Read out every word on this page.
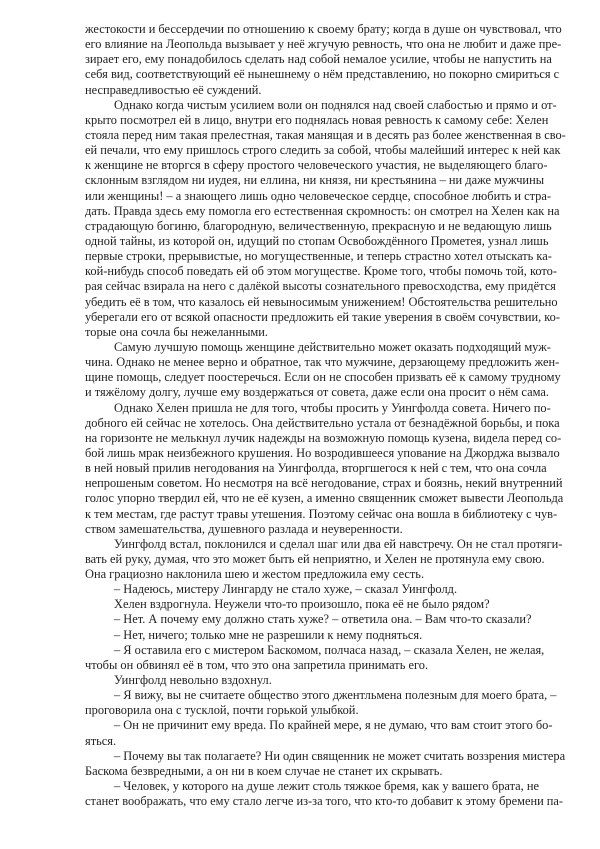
жестокости и бессердечии по отношению к своему брату; когда в душе он чувствовал, что
его влияние на Леопольда вызывает у неё жгучую ревность, что она не любит и даже пре-
зирает его, ему понадобилось сделать над собой немалое усилие, чтобы не напустить на
себя вид, соответствующий её нынешнему о нём представлению, но покорно смириться с
несправедливостью её суждений.
Однако когда чистым усилием воли он поднялся над своей слабостью и прямо и от-
крыто посмотрел ей в лицо, внутри его поднялась новая ревность к самому себе: Хелен
стояла перед ним такая прелестная, такая манящая и в десять раз более женственная в сво-
ей печали, что ему пришлось строго следить за собой, чтобы малейший интерес к ней как
к женщине не вторгся в сферу простого человеческого участия, не выделяющего благо-
склонным взглядом ни иудея, ни еллина, ни князя, ни крестьянина – ни даже мужчины
или женщины! – а знающего лишь одно человеческое сердце, способное любить и стра-
дать. Правда здесь ему помогла его естественная скромность: он смотрел на Хелен как на
страдающую богиню, благородную, величественную, прекрасную и не ведающую лишь
одной тайны, из которой он, идущий по стопам Освобождённого Прометея, узнал лишь
первые строки, прерывистые, но могущественные, и теперь страстно хотел отыскать ка-
кой-нибудь способ поведать ей об этом могуществе. Кроме того, чтобы помочь той, кото-
рая сейчас взирала на него с далёкой высоты сознательного превосходства, ему придётся
убедить её в том, что казалось ей невыносимым унижением! Обстоятельства решительно
уберегали его от всякой опасности предложить ей такие уверения в своём сочувствии, ко-
торые она сочла бы нежеланными.
Самую лучшую помощь женщине действительно может оказать подходящий муж-
чина. Однако не менее верно и обратное, так что мужчине, дерзающему предложить жен-
щине помощь, следует поостеречься. Если он не способен призвать её к самому трудному
и тяжёлому долгу, лучше ему воздержаться от совета, даже если она просит о нём сама.
Однако Хелен пришла не для того, чтобы просить у Уингфолда совета. Ничего по-
добного ей сейчас не хотелось. Она действительно устала от безнадёжной борьбы, и пока
на горизонте не мелькнул лучик надежды на возможную помощь кузена, видела перед со-
бой лишь мрак неизбежного крушения. Но возродившееся упование на Джорджа вызвало
в ней новый прилив негодования на Уингфолда, вторгшегося к ней с тем, что она сочла
непрошеным советом. Но несмотря на всё негодование, страх и боязнь, некий внутренний
голос упорно твердил ей, что не её кузен, а именно священник сможет вывести Леопольда
к тем местам, где растут травы утешения. Поэтому сейчас она вошла в библиотеку с чув-
ством замешательства, душевного разлада и неуверенности.
Уингфолд встал, поклонился и сделал шаг или два ей навстречу. Он не стал протяги-
вать ей руку, думая, что это может быть ей неприятно, и Хелен не протянула ему свою.
Она грациозно наклонила шею и жестом предложила ему сесть.
– Надеюсь, мистеру Лингарду не стало хуже, – сказал Уингфолд.
Хелен вздрогнула. Неужели что-то произошло, пока её не было рядом?
– Нет. А почему ему должно стать хуже? – ответила она. – Вам что-то сказали?
– Нет, ничего; только мне не разрешили к нему подняться.
– Я оставила его с мистером Баскомом, полчаса назад, – сказала Хелен, не желая,
чтобы он обвинял её в том, что это она запретила принимать его.
Уингфолд невольно вздохнул.
– Я вижу, вы не считаете общество этого джентльмена полезным для моего брата, –
проговорила она с тусклой, почти горькой улыбкой.
– Он не причинит ему вреда. По крайней мере, я не думаю, что вам стоит этого бо-
яться.
– Почему вы так полагаете? Ни один священник не может считать воззрения мистера
Баскома безвредными, а он ни в коем случае не станет их скрывать.
– Человек, у которого на душе лежит столь тяжкое бремя, как у вашего брата, не
станет воображать, что ему стало легче из-за того, что кто-то добавит к этому бремени па-
